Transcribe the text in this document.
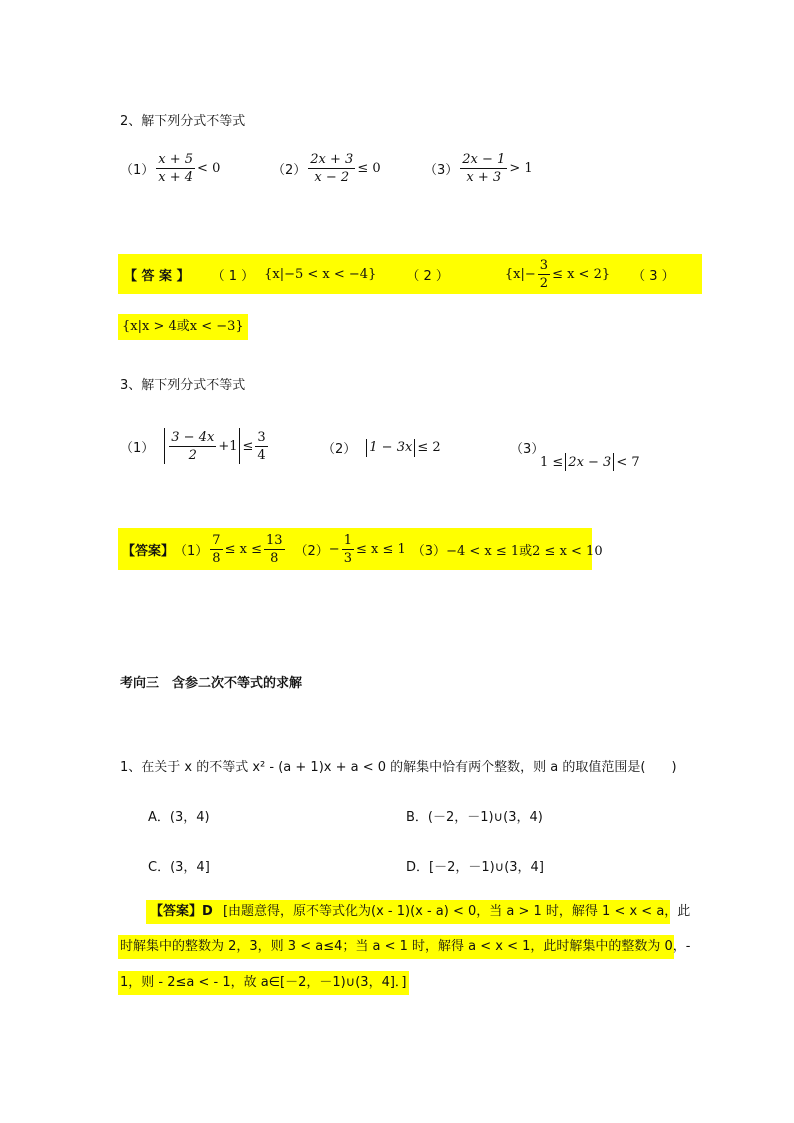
2、解下列分式不等式
$(1) \frac{x + 5}{x + 4} < 0$	$(2) \frac{2x + 3}{x - 2} \le 0$	$(3) \frac{2x - 1}{x + 3} > 1$
【 答 案 】 （ 1 ） {x|−5 < x < −4} （ 2 ）	$\{x|- \frac{3}{2} \le x < 2\}$ （ 3 ）
{x|x > 4或x < −3}
3、解下列分式不等式
$(1) \frac{3 - 4x}{2} +1 \le \frac{3}{4}$	（2） 1 − 3x ≤ 2	（3）
1 ≤ 2x − 3 < 7
【答案】 $(1) \frac{7}{8} \le x \le \frac{13}{8} (2) - \frac{1}{3} \le x \le 1$ （3） −4 < x ≤ 1或2 ≤ x < 10
考向三　含参二次不等式的求解
1、在关于 x 的不等式 x² - (a + 1)x + a < 0 的解集中恰有两个整数，则 a 的取值范围是(　　)
A．(3，4)	B．(－2，－1)∪(3，4)
C．(3，4]	D．[－2，－1)∪(3，4]
【答案】D [由题意得，原不等式化为(x - 1)(x - a) < 0，当 a > 1 时，解得 1 < x < a，此
时解集中的整数为 2，3，则 3 < a≤4；当 a < 1 时，解得 a < x < 1，此时解集中的整数为 0，-
1，则 - 2≤a < - 1，故 a∈[－2，－1)∪(3，4]．]
